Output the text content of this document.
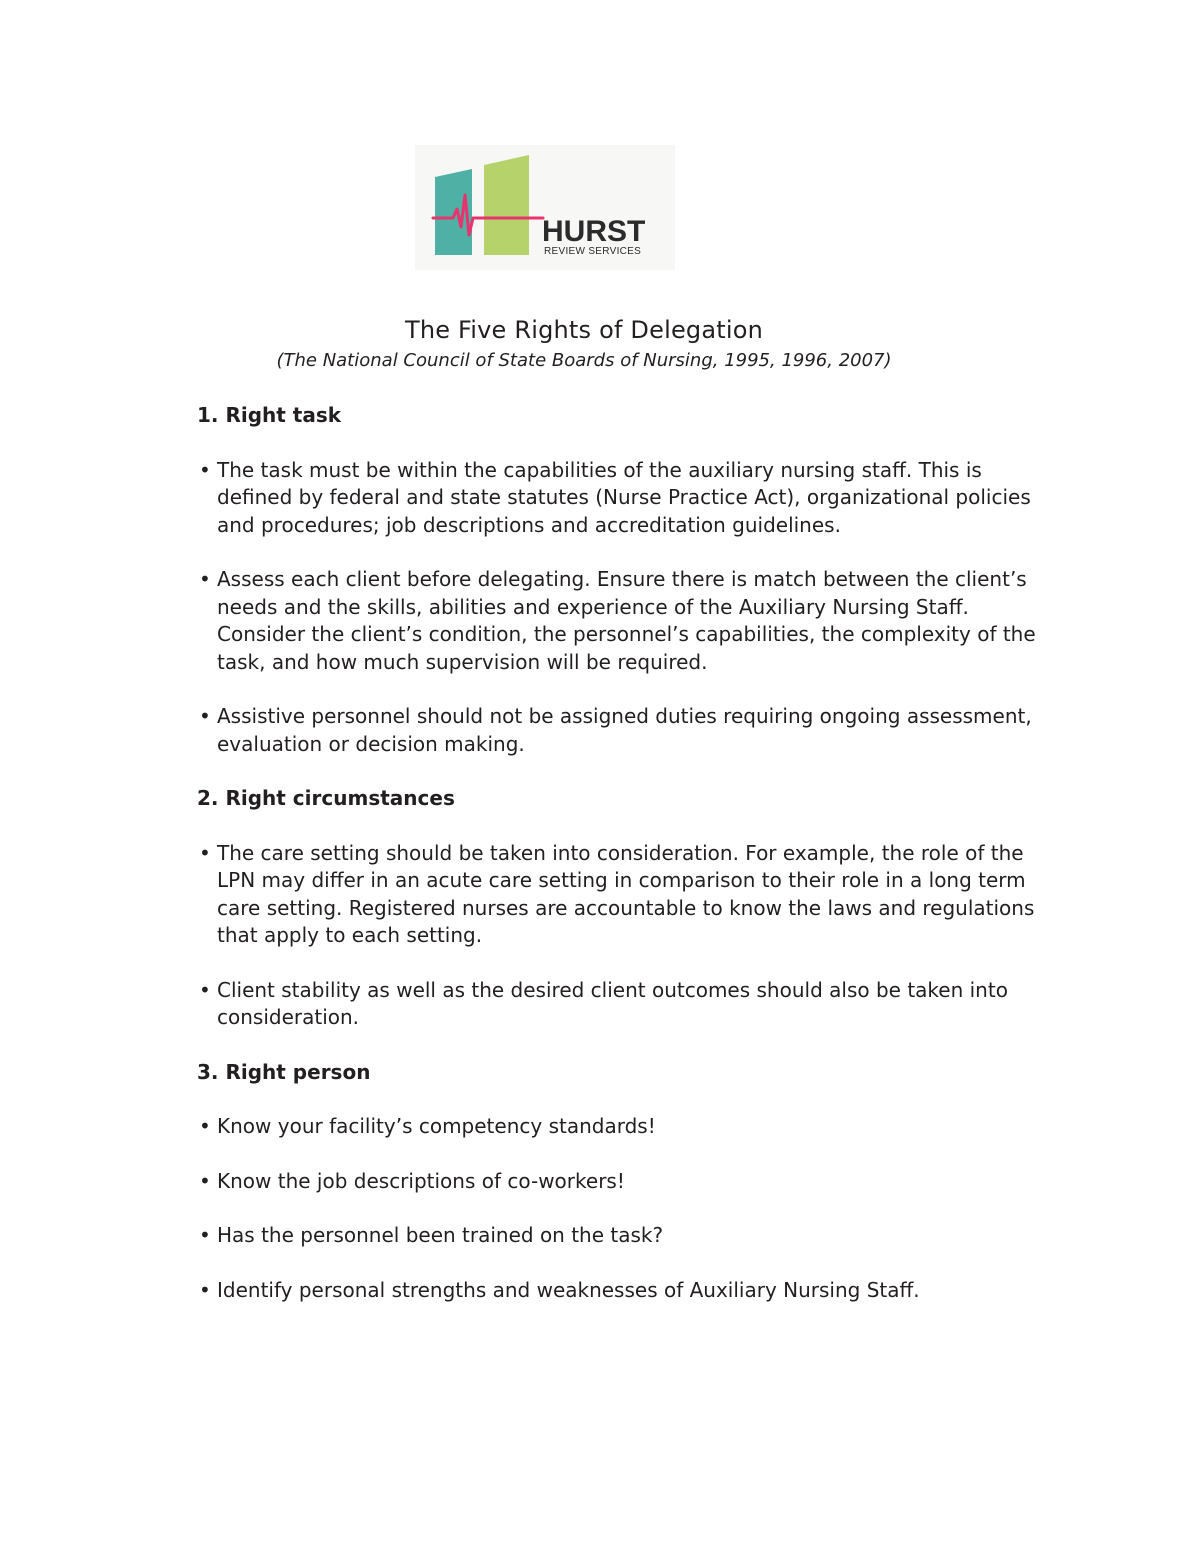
HURST
REVIEW SERVICES
The Five Rights of Delegation
(The National Council of State Boards of Nursing, 1995, 1996, 2007)
1. Right task
• The task must be within the capabilities of the auxiliary nursing staff. This is defined by federal and state statutes (Nurse Practice Act), organizational policies and procedures; job descriptions and accreditation guidelines.
• Assess each client before delegating. Ensure there is match between the client’s needs and the skills, abilities and experience of the Auxiliary Nursing Staff. Consider the client’s condition, the personnel’s capabilities, the complexity of the task, and how much supervision will be required.
• Assistive personnel should not be assigned duties requiring ongoing assessment, evaluation or decision making.
2. Right circumstances
• The care setting should be taken into consideration. For example, the role of the LPN may differ in an acute care setting in comparison to their role in a long term care setting. Registered nurses are accountable to know the laws and regulations that apply to each setting.
• Client stability as well as the desired client outcomes should also be taken into consideration.
3. Right person
• Know your facility’s competency standards!
• Know the job descriptions of co-workers!
• Has the personnel been trained on the task?
• Identify personal strengths and weaknesses of Auxiliary Nursing Staff.
